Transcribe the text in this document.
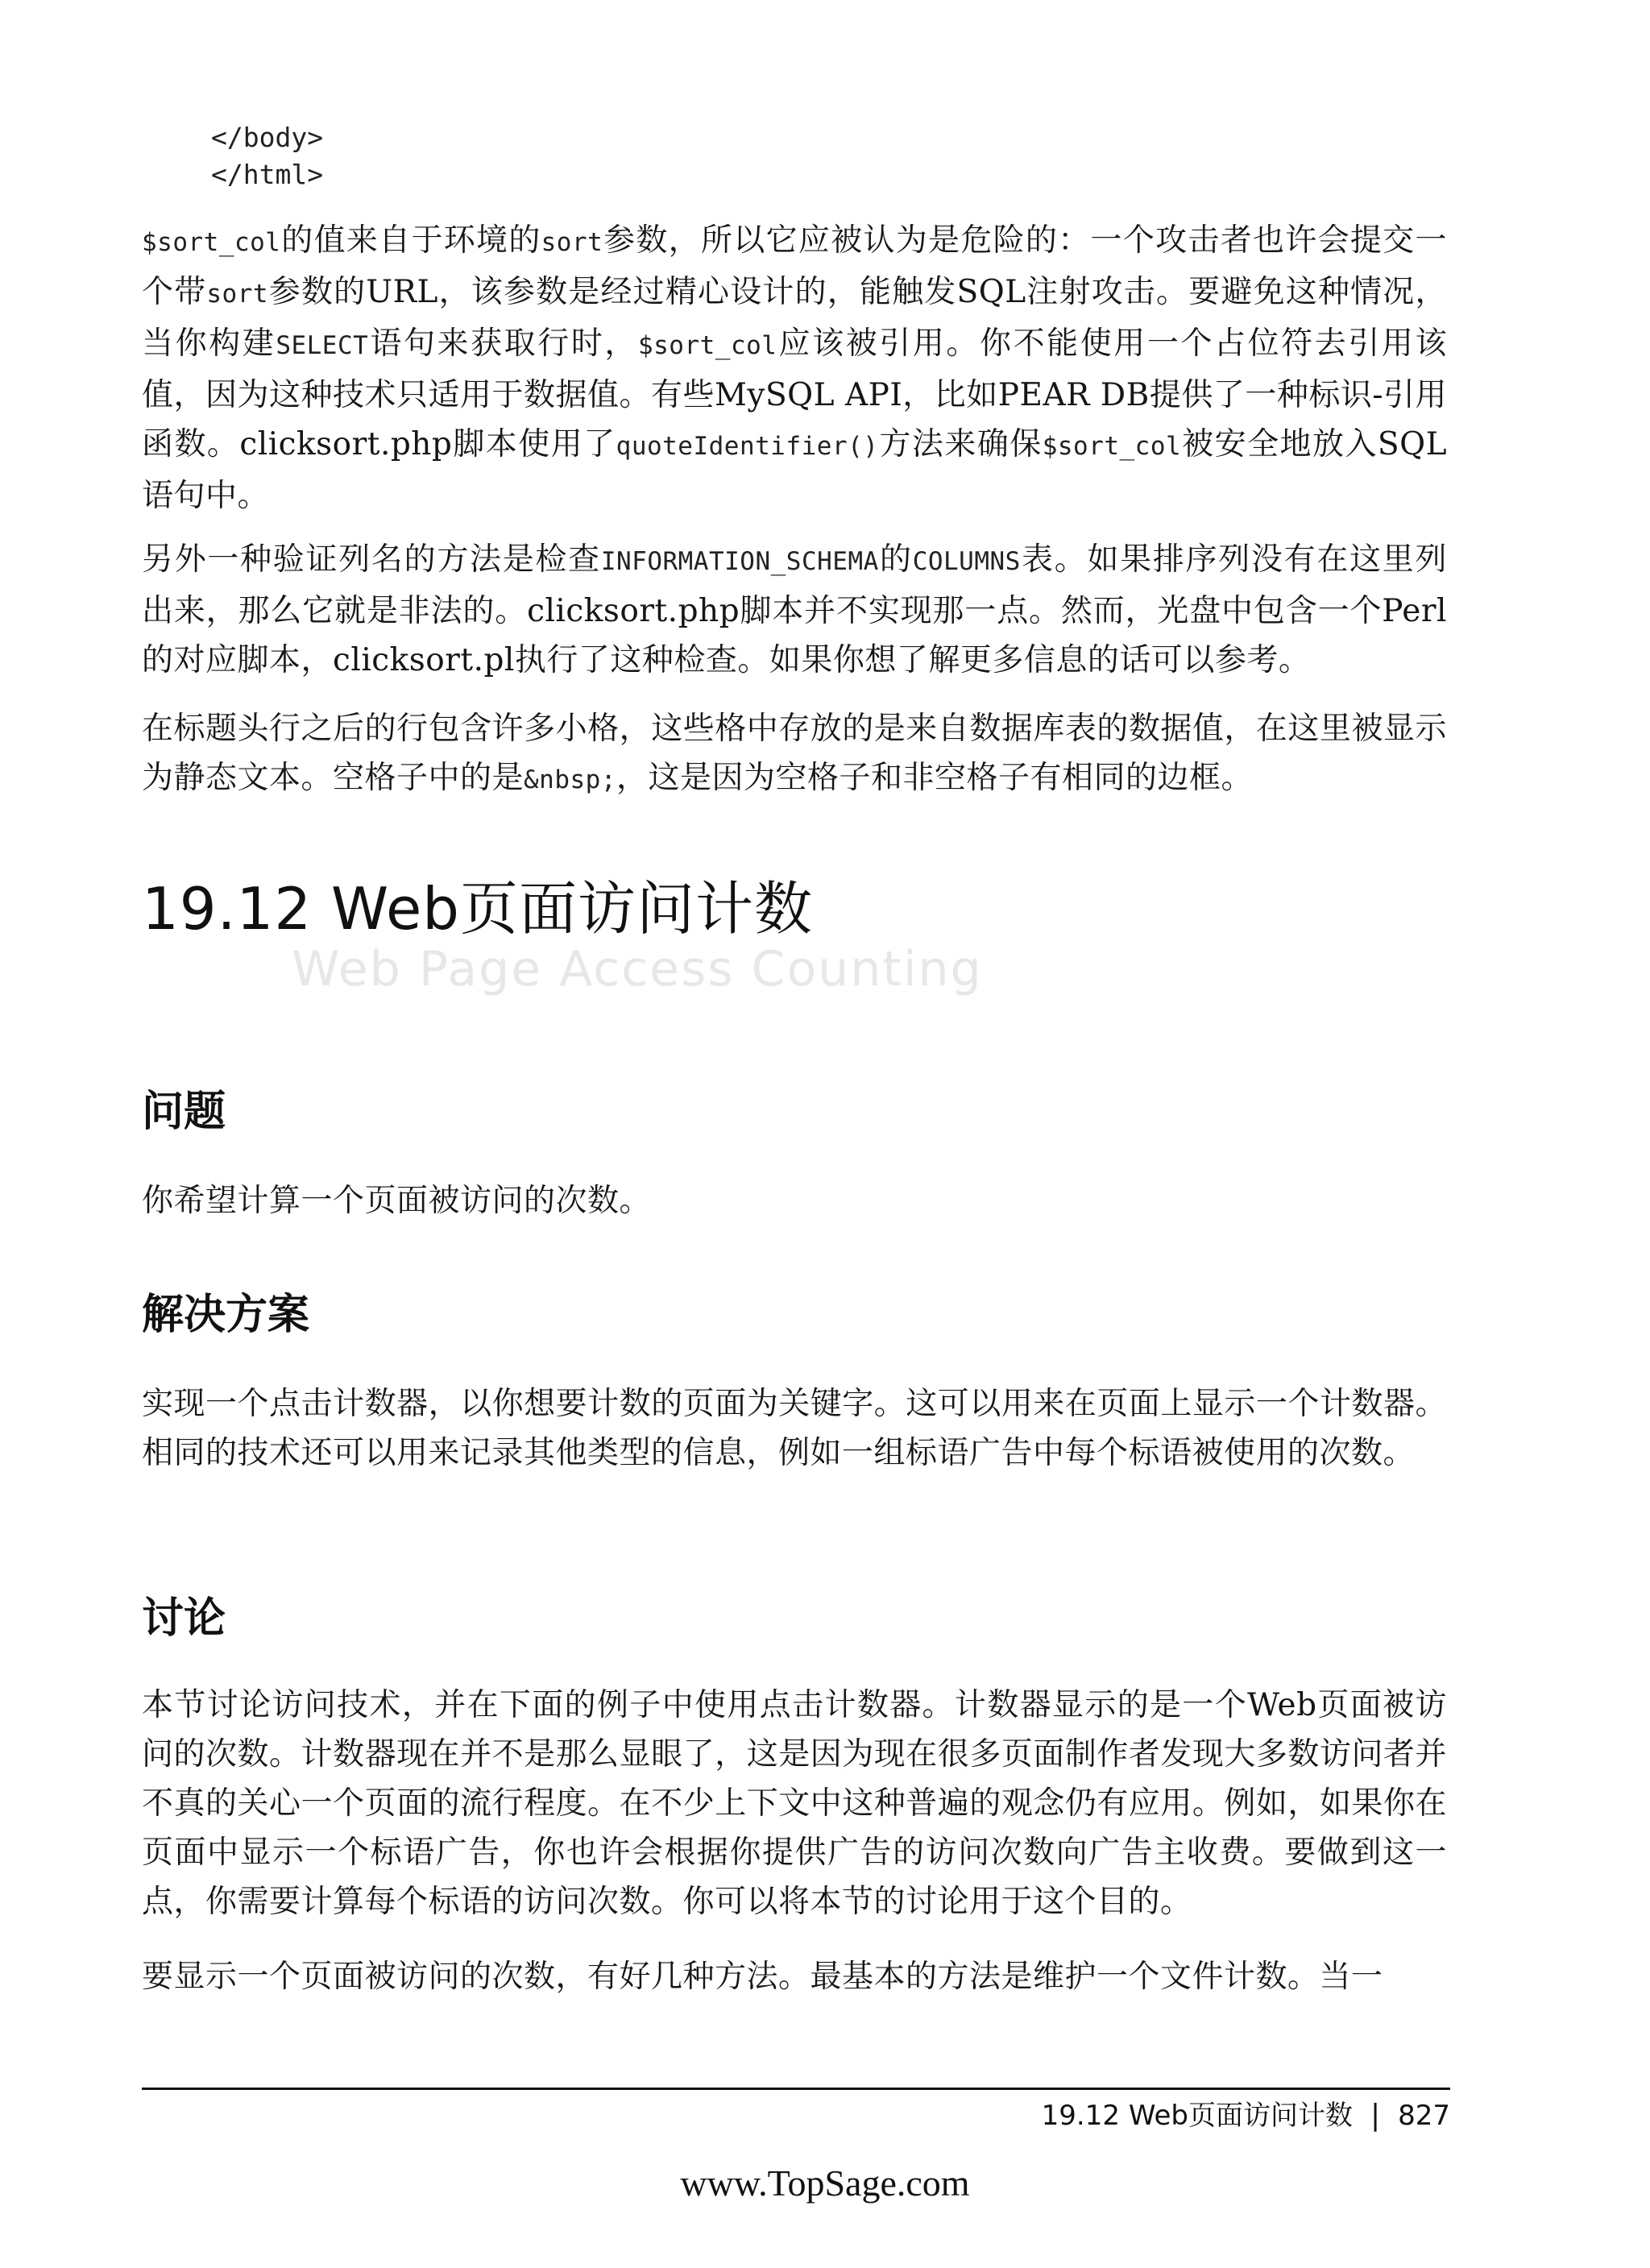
</body>
</html>
$sort_col的值来自于环境的sort参数，所以它应被认为是危险的：一个攻击者也许会提交一个带sort参数的URL，该参数是经过精心设计的，能触发SQL注射攻击。要避免这种情况，当你构建SELECT语句来获取行时，$sort_col应该被引用。你不能使用一个占位符去引用该值，因为这种技术只适用于数据值。有些MySQL API，比如PEAR DB提供了一种标识-引用函数。clicksort.php脚本使用了quoteIdentifier()方法来确保$sort_col被安全地放入SQL语句中。
另外一种验证列名的方法是检查INFORMATION_SCHEMA的COLUMNS表。如果排序列没有在这里列出来，那么它就是非法的。clicksort.php脚本并不实现那一点。然而，光盘中包含一个Perl的对应脚本，clicksort.pl执行了这种检查。如果你想了解更多信息的话可以参考。
在标题头行之后的行包含许多小格，这些格中存放的是来自数据库表的数据值，在这里被显示为静态文本。空格子中的是&nbsp;，这是因为空格子和非空格子有相同的边框。
19.12 Web页面访问计数
Web Page Access Counting
问题
你希望计算一个页面被访问的次数。
解决方案
实现一个点击计数器，以你想要计数的页面为关键字。这可以用来在页面上显示一个计数器。相同的技术还可以用来记录其他类型的信息，例如一组标语广告中每个标语被使用的次数。
讨论
本节讨论访问技术，并在下面的例子中使用点击计数器。计数器显示的是一个Web页面被访问的次数。计数器现在并不是那么显眼了，这是因为现在很多页面制作者发现大多数访问者并不真的关心一个页面的流行程度。在不少上下文中这种普遍的观念仍有应用。例如，如果你在页面中显示一个标语广告，你也许会根据你提供广告的访问次数向广告主收费。要做到这一点，你需要计算每个标语的访问次数。你可以将本节的讨论用于这个目的。
要显示一个页面被访问的次数，有好几种方法。最基本的方法是维护一个文件计数。当一
19.12 Web页面访问计数 | 827
www.TopSage.com
